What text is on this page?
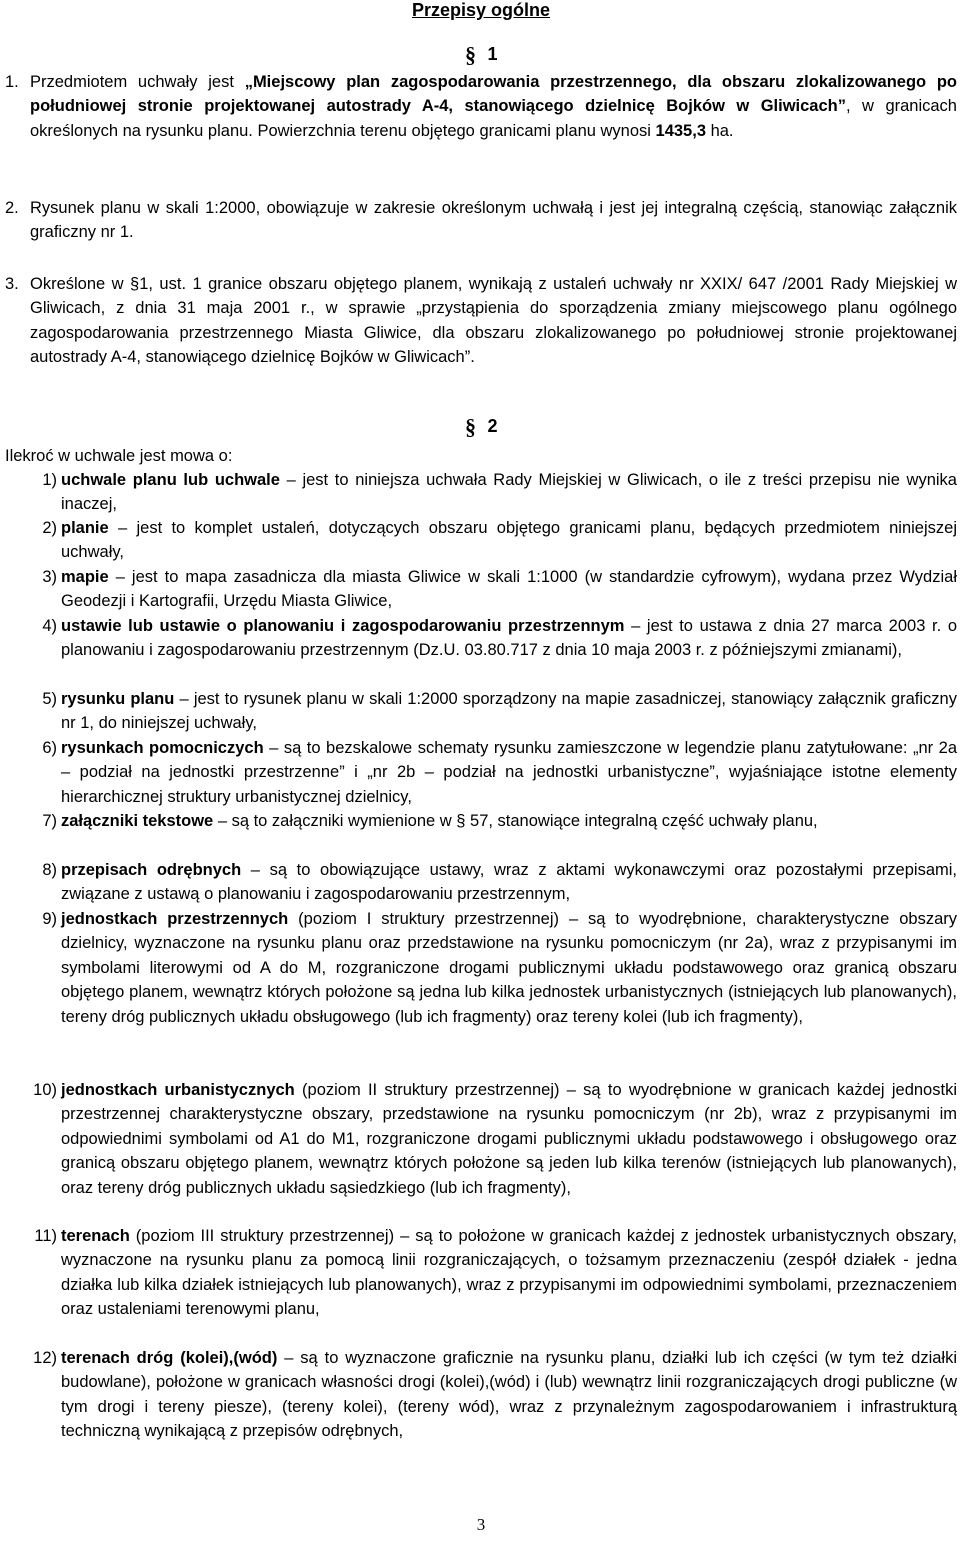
Przepisy ogólne
§ 1
1. Przedmiotem uchwały jest „Miejscowy plan zagospodarowania przestrzennego, dla obszaru zlokalizowanego po południowej stronie projektowanej autostrady A-4, stanowiącego dzielnicę Bojków w Gliwicach”, w granicach określonych na rysunku planu. Powierzchnia terenu objętego granicami planu wynosi 1435,3 ha.
2. Rysunek planu w skali 1:2000, obowiązuje w zakresie określonym uchwałą i jest jej integralną częścią, stanowiąc załącznik graficzny nr 1.
3. Określone w §1, ust. 1 granice obszaru objętego planem, wynikają z ustaleń uchwały nr XXIX/ 647 /2001 Rady Miejskiej w Gliwicach, z dnia 31 maja 2001 r., w sprawie „przystąpienia do sporządzenia zmiany miejscowego planu ogólnego zagospodarowania przestrzennego Miasta Gliwice, dla obszaru zlokalizowanego po południowej stronie projektowanej autostrady A-4, stanowiącego dzielnicę Bojków w Gliwicach”.
§ 2
Ilekroć w uchwale jest mowa o:
1) uchwale planu lub uchwale – jest to niniejsza uchwała Rady Miejskiej w Gliwicach, o ile z treści przepisu nie wynika inaczej,
2) planie – jest to komplet ustaleń, dotyczących obszaru objętego granicami planu, będących przedmiotem niniejszej uchwały,
3) mapie – jest to mapa zasadnicza dla miasta Gliwice w skali 1:1000 (w standardzie cyfrowym), wydana przez Wydział Geodezji i Kartografii, Urzędu Miasta Gliwice,
4) ustawie lub ustawie o planowaniu i zagospodarowaniu przestrzennym – jest to ustawa z dnia 27 marca 2003 r. o planowaniu i zagospodarowaniu przestrzennym (Dz.U. 03.80.717 z dnia 10 maja 2003 r. z późniejszymi zmianami),
5) rysunku planu – jest to rysunek planu w skali 1:2000 sporządzony na mapie zasadniczej, stanowiący załącznik graficzny nr 1, do niniejszej uchwały,
6) rysunkach pomocniczych – są to bezskalowe schematy rysunku zamieszczone w legendzie planu zatytułowane: „nr 2a – podział na jednostki przestrzenne” i „nr 2b – podział na jednostki urbanistyczne”, wyjaśniające istotne elementy hierarchicznej struktury urbanistycznej dzielnicy,
7) załączniki tekstowe – są to załączniki wymienione w § 57, stanowiące integralną część uchwały planu,
8) przepisach odrębnych – są to obowiązujące ustawy, wraz z aktami wykonawczymi oraz pozostałymi przepisami, związane z ustawą o planowaniu i zagospodarowaniu przestrzennym,
9) jednostkach przestrzennych (poziom I struktury przestrzennej) – są to wyodrębnione, charakterystyczne obszary dzielnicy, wyznaczone na rysunku planu oraz przedstawione na rysunku pomocniczym (nr 2a), wraz z przypisanymi im symbolami literowymi od A do M, rozgraniczone drogami publicznymi układu podstawowego oraz granicą obszaru objętego planem, wewnątrz których położone są jedna lub kilka jednostek urbanistycznych (istniejących lub planowanych), tereny dróg publicznych układu obsługowego (lub ich fragmenty) oraz tereny kolei (lub ich fragmenty),
10) jednostkach urbanistycznych (poziom II struktury przestrzennej) – są to wyodrębnione w granicach każdej jednostki przestrzennej charakterystyczne obszary, przedstawione na rysunku pomocniczym (nr 2b), wraz z przypisanymi im odpowiednimi symbolami od A1 do M1, rozgraniczone drogami publicznymi układu podstawowego i obsługowego oraz granicą obszaru objętego planem, wewnątrz których położone są jeden lub kilka terenów (istniejących lub planowanych), oraz tereny dróg publicznych układu sąsiedzkiego (lub ich fragmenty),
11) terenach (poziom III struktury przestrzennej) – są to położone w granicach każdej z jednostek urbanistycznych obszary, wyznaczone na rysunku planu za pomocą linii rozgraniczających, o tożsamym przeznaczeniu (zespół działek - jedna działka lub kilka działek istniejących lub planowanych), wraz z przypisanymi im odpowiednimi symbolami, przeznaczeniem oraz ustaleniami terenowymi planu,
12) terenach dróg (kolei),(wód) – są to wyznaczone graficznie na rysunku planu, działki lub ich części (w tym też działki budowlane), położone w granicach własności drogi (kolei),(wód) i (lub) wewnątrz linii rozgraniczających drogi publiczne (w tym drogi i tereny piesze), (tereny kolei), (tereny wód), wraz z przynależnym zagospodarowaniem i infrastrukturą techniczną wynikającą z przepisów odrębnych,
3
